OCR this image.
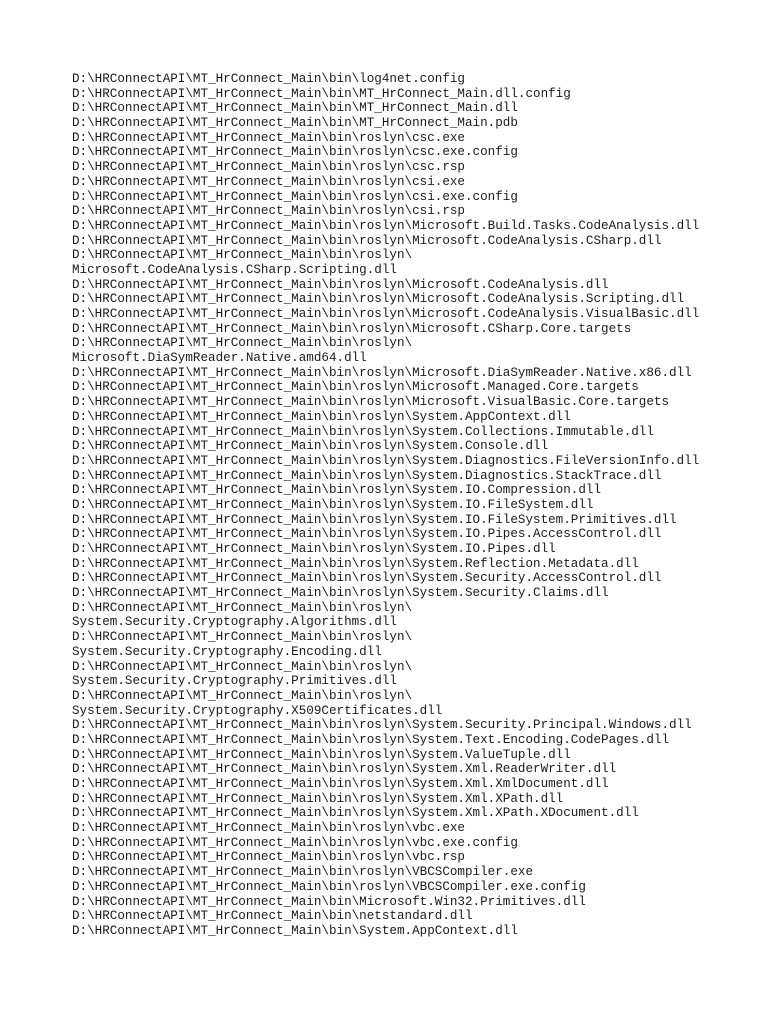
D:\HRConnectAPI\MT_HrConnect_Main\bin\log4net.config
D:\HRConnectAPI\MT_HrConnect_Main\bin\MT_HrConnect_Main.dll.config
D:\HRConnectAPI\MT_HrConnect_Main\bin\MT_HrConnect_Main.dll
D:\HRConnectAPI\MT_HrConnect_Main\bin\MT_HrConnect_Main.pdb
D:\HRConnectAPI\MT_HrConnect_Main\bin\roslyn\csc.exe
D:\HRConnectAPI\MT_HrConnect_Main\bin\roslyn\csc.exe.config
D:\HRConnectAPI\MT_HrConnect_Main\bin\roslyn\csc.rsp
D:\HRConnectAPI\MT_HrConnect_Main\bin\roslyn\csi.exe
D:\HRConnectAPI\MT_HrConnect_Main\bin\roslyn\csi.exe.config
D:\HRConnectAPI\MT_HrConnect_Main\bin\roslyn\csi.rsp
D:\HRConnectAPI\MT_HrConnect_Main\bin\roslyn\Microsoft.Build.Tasks.CodeAnalysis.dll
D:\HRConnectAPI\MT_HrConnect_Main\bin\roslyn\Microsoft.CodeAnalysis.CSharp.dll
D:\HRConnectAPI\MT_HrConnect_Main\bin\roslyn\
Microsoft.CodeAnalysis.CSharp.Scripting.dll
D:\HRConnectAPI\MT_HrConnect_Main\bin\roslyn\Microsoft.CodeAnalysis.dll
D:\HRConnectAPI\MT_HrConnect_Main\bin\roslyn\Microsoft.CodeAnalysis.Scripting.dll
D:\HRConnectAPI\MT_HrConnect_Main\bin\roslyn\Microsoft.CodeAnalysis.VisualBasic.dll
D:\HRConnectAPI\MT_HrConnect_Main\bin\roslyn\Microsoft.CSharp.Core.targets
D:\HRConnectAPI\MT_HrConnect_Main\bin\roslyn\
Microsoft.DiaSymReader.Native.amd64.dll
D:\HRConnectAPI\MT_HrConnect_Main\bin\roslyn\Microsoft.DiaSymReader.Native.x86.dll
D:\HRConnectAPI\MT_HrConnect_Main\bin\roslyn\Microsoft.Managed.Core.targets
D:\HRConnectAPI\MT_HrConnect_Main\bin\roslyn\Microsoft.VisualBasic.Core.targets
D:\HRConnectAPI\MT_HrConnect_Main\bin\roslyn\System.AppContext.dll
D:\HRConnectAPI\MT_HrConnect_Main\bin\roslyn\System.Collections.Immutable.dll
D:\HRConnectAPI\MT_HrConnect_Main\bin\roslyn\System.Console.dll
D:\HRConnectAPI\MT_HrConnect_Main\bin\roslyn\System.Diagnostics.FileVersionInfo.dll
D:\HRConnectAPI\MT_HrConnect_Main\bin\roslyn\System.Diagnostics.StackTrace.dll
D:\HRConnectAPI\MT_HrConnect_Main\bin\roslyn\System.IO.Compression.dll
D:\HRConnectAPI\MT_HrConnect_Main\bin\roslyn\System.IO.FileSystem.dll
D:\HRConnectAPI\MT_HrConnect_Main\bin\roslyn\System.IO.FileSystem.Primitives.dll
D:\HRConnectAPI\MT_HrConnect_Main\bin\roslyn\System.IO.Pipes.AccessControl.dll
D:\HRConnectAPI\MT_HrConnect_Main\bin\roslyn\System.IO.Pipes.dll
D:\HRConnectAPI\MT_HrConnect_Main\bin\roslyn\System.Reflection.Metadata.dll
D:\HRConnectAPI\MT_HrConnect_Main\bin\roslyn\System.Security.AccessControl.dll
D:\HRConnectAPI\MT_HrConnect_Main\bin\roslyn\System.Security.Claims.dll
D:\HRConnectAPI\MT_HrConnect_Main\bin\roslyn\
System.Security.Cryptography.Algorithms.dll
D:\HRConnectAPI\MT_HrConnect_Main\bin\roslyn\
System.Security.Cryptography.Encoding.dll
D:\HRConnectAPI\MT_HrConnect_Main\bin\roslyn\
System.Security.Cryptography.Primitives.dll
D:\HRConnectAPI\MT_HrConnect_Main\bin\roslyn\
System.Security.Cryptography.X509Certificates.dll
D:\HRConnectAPI\MT_HrConnect_Main\bin\roslyn\System.Security.Principal.Windows.dll
D:\HRConnectAPI\MT_HrConnect_Main\bin\roslyn\System.Text.Encoding.CodePages.dll
D:\HRConnectAPI\MT_HrConnect_Main\bin\roslyn\System.ValueTuple.dll
D:\HRConnectAPI\MT_HrConnect_Main\bin\roslyn\System.Xml.ReaderWriter.dll
D:\HRConnectAPI\MT_HrConnect_Main\bin\roslyn\System.Xml.XmlDocument.dll
D:\HRConnectAPI\MT_HrConnect_Main\bin\roslyn\System.Xml.XPath.dll
D:\HRConnectAPI\MT_HrConnect_Main\bin\roslyn\System.Xml.XPath.XDocument.dll
D:\HRConnectAPI\MT_HrConnect_Main\bin\roslyn\vbc.exe
D:\HRConnectAPI\MT_HrConnect_Main\bin\roslyn\vbc.exe.config
D:\HRConnectAPI\MT_HrConnect_Main\bin\roslyn\vbc.rsp
D:\HRConnectAPI\MT_HrConnect_Main\bin\roslyn\VBCSCompiler.exe
D:\HRConnectAPI\MT_HrConnect_Main\bin\roslyn\VBCSCompiler.exe.config
D:\HRConnectAPI\MT_HrConnect_Main\bin\Microsoft.Win32.Primitives.dll
D:\HRConnectAPI\MT_HrConnect_Main\bin\netstandard.dll
D:\HRConnectAPI\MT_HrConnect_Main\bin\System.AppContext.dll
